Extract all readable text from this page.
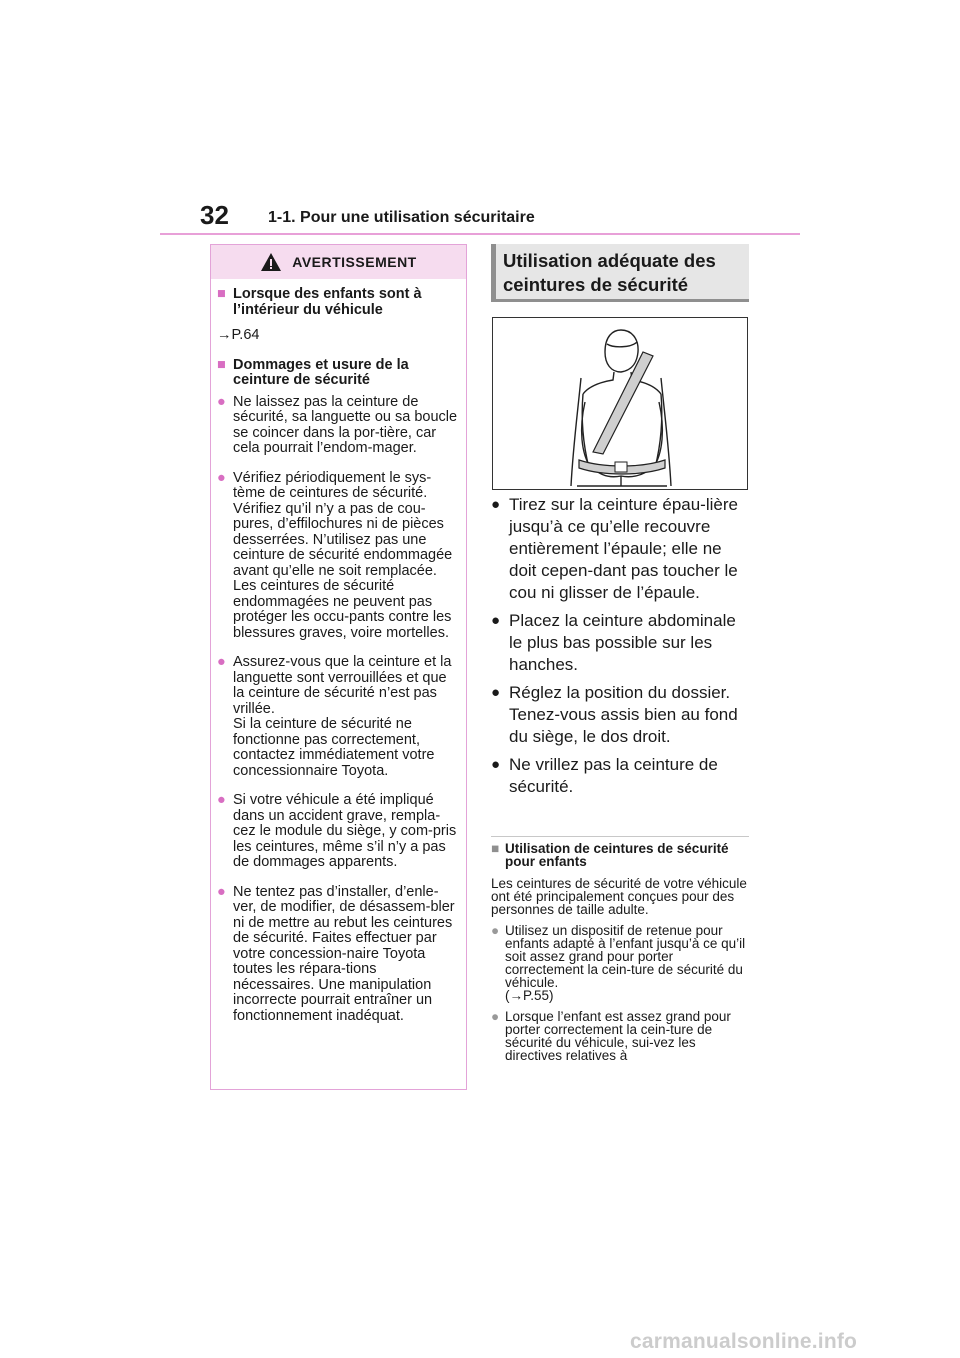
32 1-1. Pour une utilisation sécuritaire
AVERTISSEMENT
■ Lorsque des enfants sont à l’intérieur du véhicule
→P.64
■ Dommages et usure de la ceinture de sécurité
● Ne laissez pas la ceinture de sécurité, sa languette ou sa boucle se coincer dans la por-tière, car cela pourrait l’endom-mager.
● Vérifiez périodiquement le sys-tème de ceintures de sécurité. Vérifiez qu’il n’y a pas de cou-pures, d’effilochures ni de pièces desserrées. N’utilisez pas une ceinture de sécurité endommagée avant qu’elle ne soit remplacée. Les ceintures de sécurité endommagées ne peuvent pas protéger les occu-pants contre les blessures graves, voire mortelles.
● Assurez-vous que la ceinture et la languette sont verrouillées et que la ceinture de sécurité n’est pas vrillée.
Si la ceinture de sécurité ne fonctionne pas correctement, contactez immédiatement votre concessionnaire Toyota.
● Si votre véhicule a été impliqué dans un accident grave, rempla-cez le module du siège, y com-pris les ceintures, même s’il n’y a pas de dommages apparents.
● Ne tentez pas d’installer, d’enle-ver, de modifier, de désassem-bler ni de mettre au rebut les ceintures de sécurité. Faites effectuer par votre concession-naire Toyota toutes les répara-tions nécessaires. Une manipulation incorrecte pourrait entraîner un fonctionnement inadéquat.
Utilisation adéquate des ceintures de sécurité
● Tirez sur la ceinture épau-lière jusqu’à ce qu’elle recouvre entièrement l’épaule; elle ne doit cepen-dant pas toucher le cou ni glisser de l’épaule.
● Placez la ceinture abdominale le plus bas possible sur les hanches.
● Réglez la position du dossier. Tenez-vous assis bien au fond du siège, le dos droit.
● Ne vrillez pas la ceinture de sécurité.
■ Utilisation de ceintures de sécurité pour enfants
Les ceintures de sécurité de votre véhicule ont été principalement conçues pour des personnes de taille adulte.
● Utilisez un dispositif de retenue pour enfants adapté à l’enfant jusqu’à ce qu’il soit assez grand pour porter correctement la cein-ture de sécurité du véhicule.
(→P.55)
● Lorsque l’enfant est assez grand pour porter correctement la cein-ture de sécurité du véhicule, sui-vez les directives relatives à
carmanualsonline.info
